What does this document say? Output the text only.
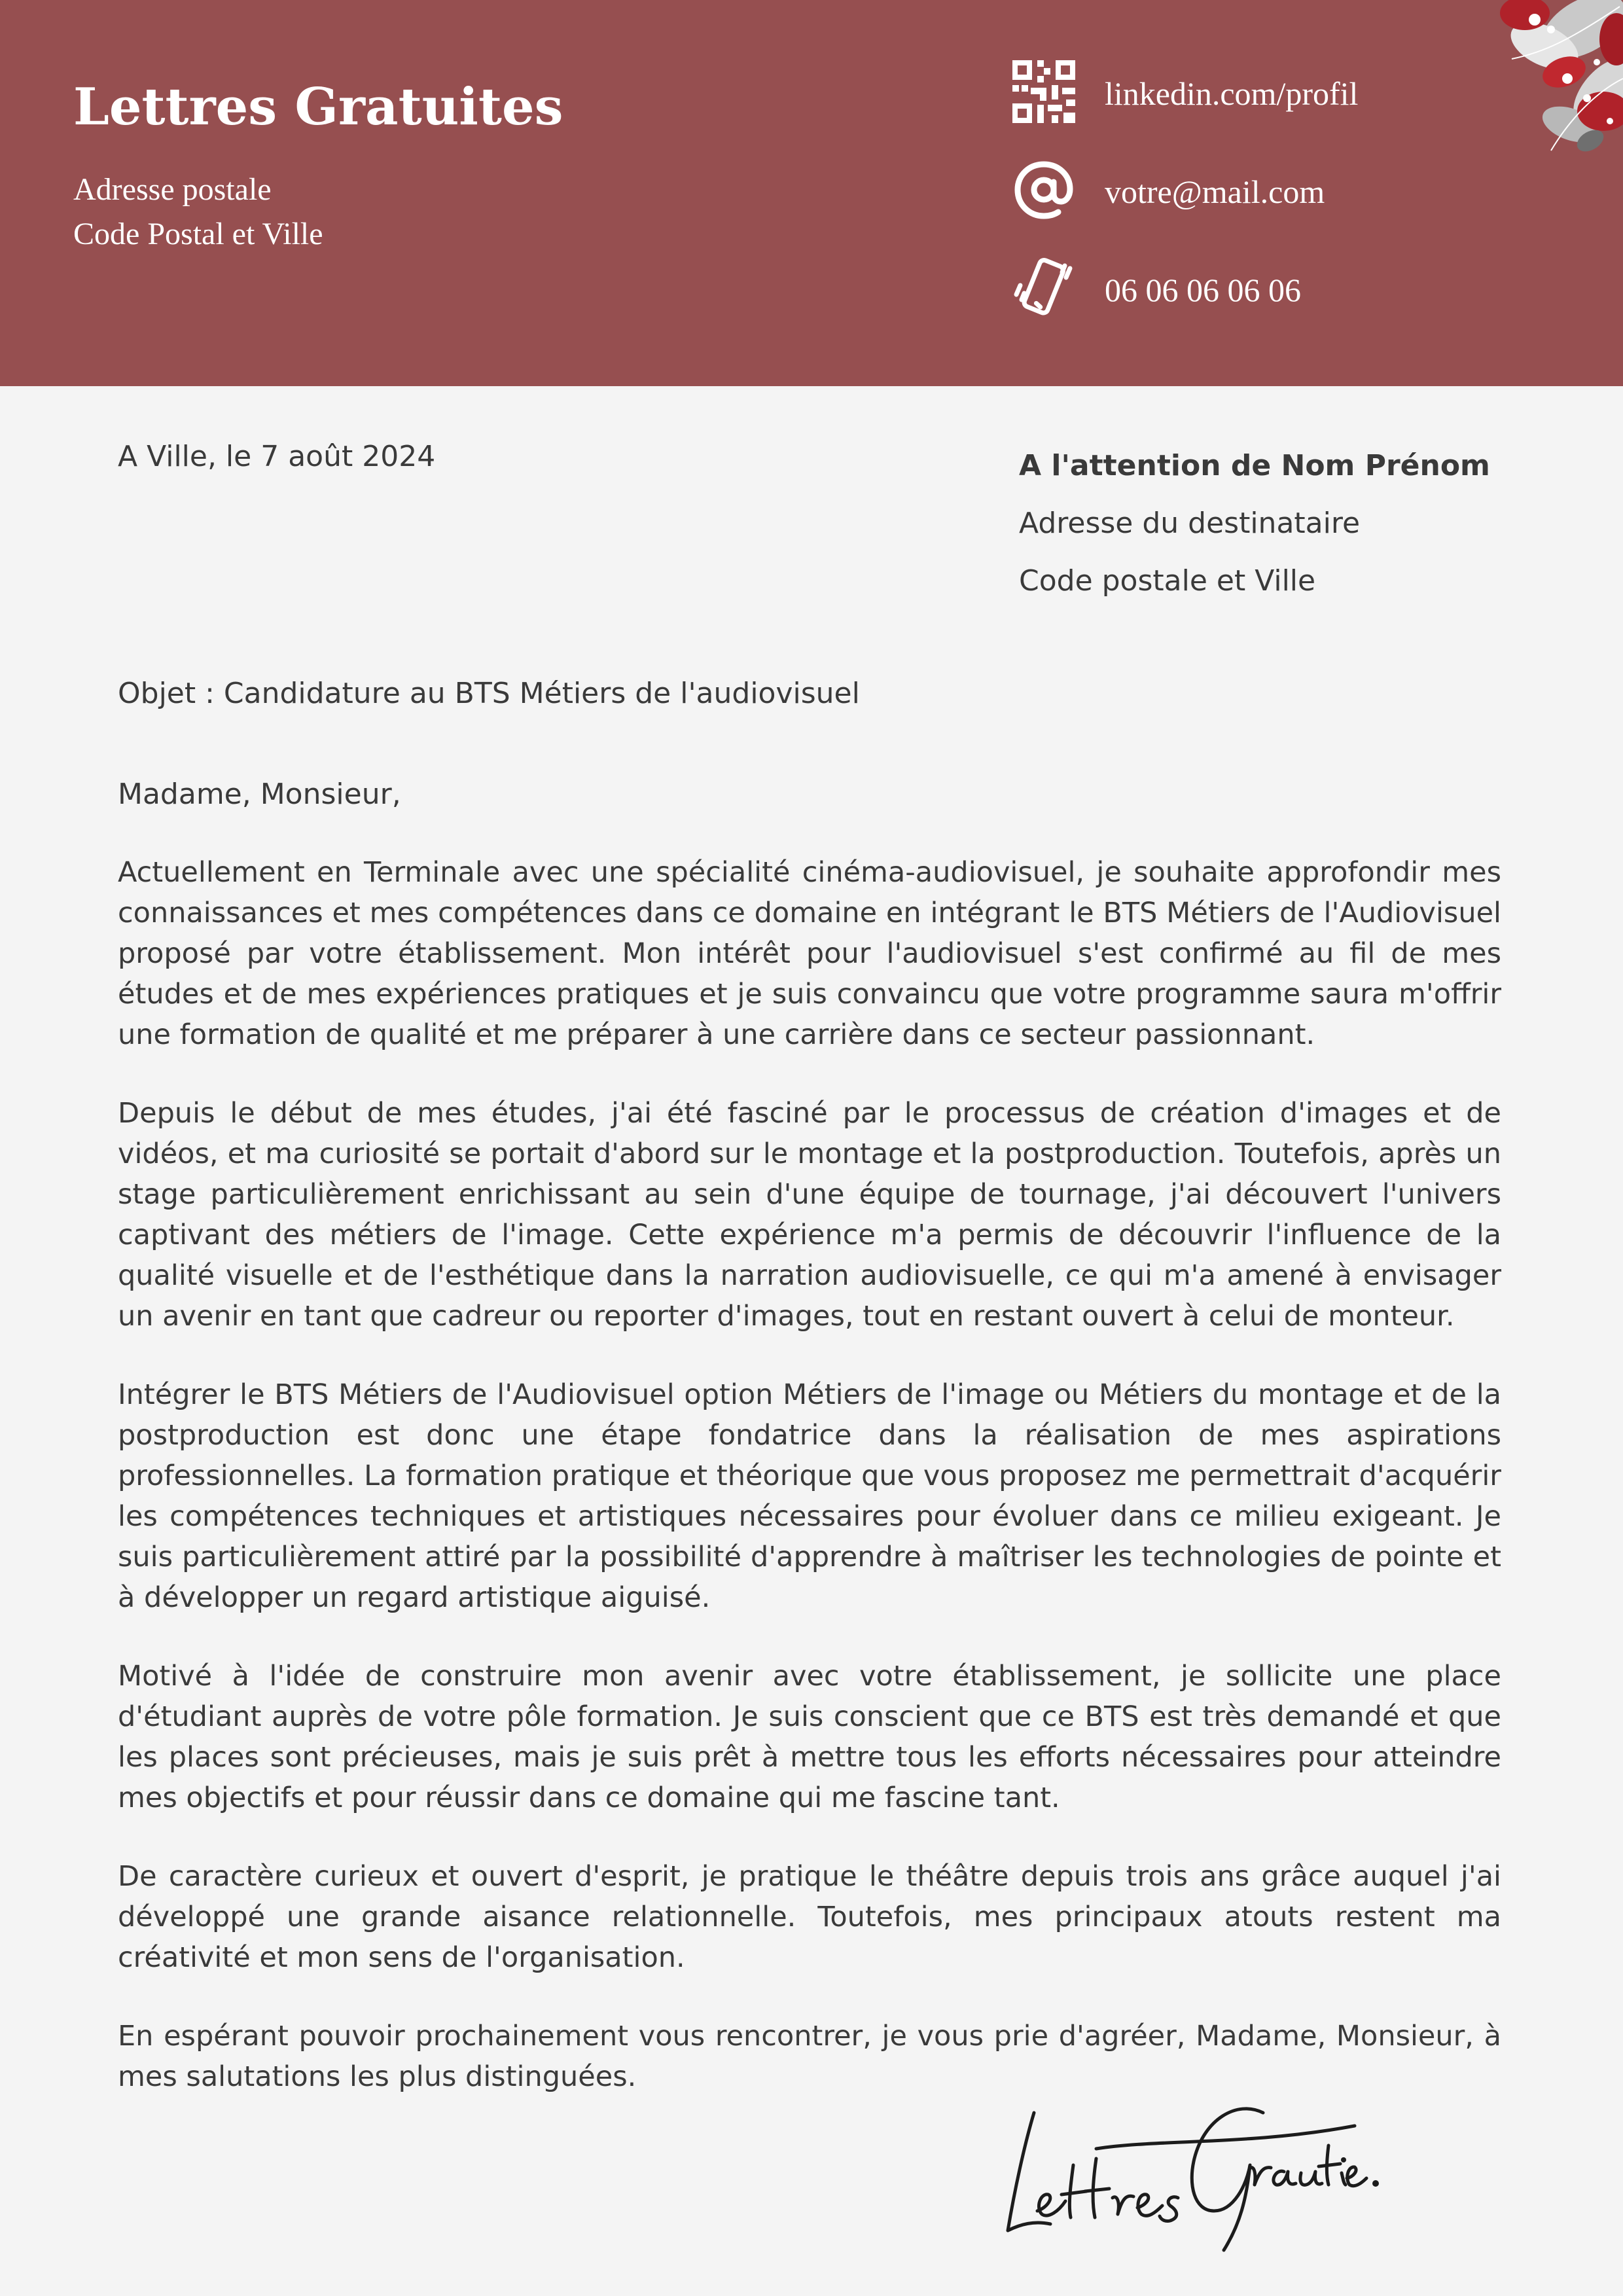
Lettres Gratuites
Adresse postale
Code Postal et Ville
linkedin.com/profil
votre@mail.com
06 06 06 06 06
A Ville, le 7 août 2024	A l'attention de Nom Prénom
Adresse du destinataire
Code postale et Ville
Objet : Candidature au BTS Métiers de l'audiovisuel
Madame, Monsieur,

Actuellement en Terminale avec une spécialité cinéma-audiovisuel, je souhaite approfondir mes connaissances et mes compétences dans ce domaine en intégrant le BTS Métiers de l'Audiovisuel proposé par votre établissement. Mon intérêt pour l'audiovisuel s'est confirmé au fil de mes études et de mes expériences pratiques et je suis convaincu que votre programme saura m'offrir une formation de qualité et me préparer à une carrière dans ce secteur passionnant.

Depuis le début de mes études, j'ai été fasciné par le processus de création d'images et de vidéos, et ma curiosité se portait d'abord sur le montage et la postproduction. Toutefois, après un stage particulièrement enrichissant au sein d'une équipe de tournage, j'ai découvert l'univers captivant des métiers de l'image. Cette expérience m'a permis de découvrir l'influence de la qualité visuelle et de l'esthétique dans la narration audiovisuelle, ce qui m'a amené à envisager un avenir en tant que cadreur ou reporter d'images, tout en restant ouvert à celui de monteur.

Intégrer le BTS Métiers de l'Audiovisuel option Métiers de l'image ou Métiers du montage et de la postproduction est donc une étape fondatrice dans la réalisation de mes aspirations professionnelles. La formation pratique et théorique que vous proposez me permettrait d'acquérir les compétences techniques et artistiques nécessaires pour évoluer dans ce milieu exigeant. Je suis particulièrement attiré par la possibilité d'apprendre à maîtriser les technologies de pointe et à développer un regard artistique aiguisé.

Motivé à l'idée de construire mon avenir avec votre établissement, je sollicite une place d'étudiant auprès de votre pôle formation. Je suis conscient que ce BTS est très demandé et que les places sont précieuses, mais je suis prêt à mettre tous les efforts nécessaires pour atteindre mes objectifs et pour réussir dans ce domaine qui me fascine tant.

De caractère curieux et ouvert d'esprit, je pratique le théâtre depuis trois ans grâce auquel j'ai développé une grande aisance relationnelle. Toutefois, mes principaux atouts restent ma créativité et mon sens de l'organisation.

En espérant pouvoir prochainement vous rencontrer, je vous prie d'agréer, Madame, Monsieur, à mes salutations les plus distinguées.
